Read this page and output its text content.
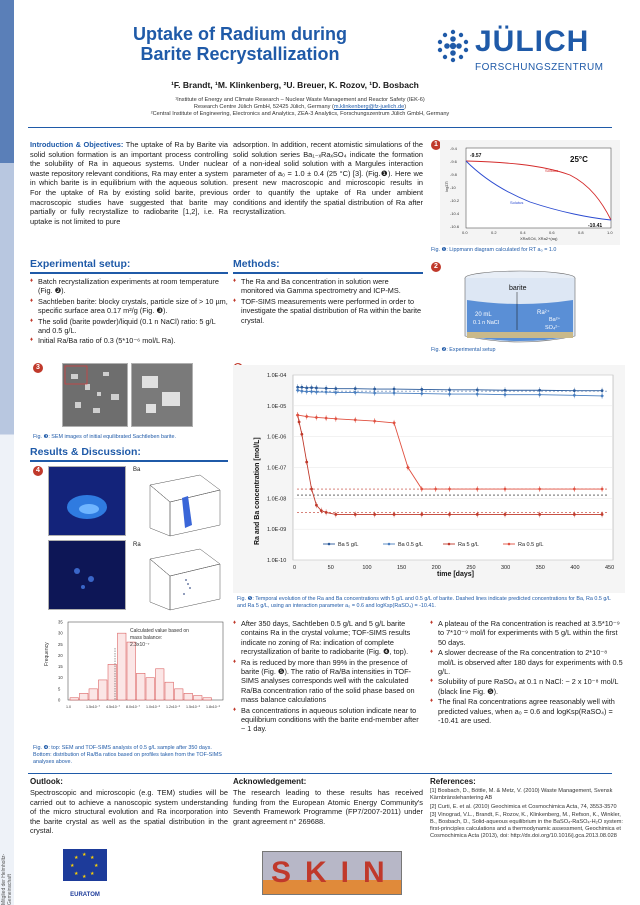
Mitglied der Helmholtz-Gemeinschaft
Uptake of Radium during
Barite Recrystallization	JÜLICH
FORSCHUNGSZENTRUM
¹F. Brandt, ¹M. Klinkenberg, ²U. Breuer, K. Rozov, ¹D. Bosbach
¹Institute of Energy and Climate Research – Nuclear Waste Management and Reactor Safety (IEK-6)
Research Centre Jülich GmbH, 52425 Jülich, Germany (m.klinkenberg@fz-juelich.de)
²Central Institute of Engineering, Electronics and Analytics, ZEA-3 Analytics, Forschungszentrum Jülich GmbH, Germany
Introduction & Objectives: The uptake of Ra by Barite via solid solution formation is an important process controlling the solubility of Ra in aqueous systems. Under nuclear waste repository relevant conditions, Ra may enter a system in which barite is in equilibrium with the aqueous solution. For the uptake of Ra by existing solid barite, previous macroscopic studies have suggested that barite may partially or fully recrystallize to radiobarite [1,2], i.e. Ra uptake is not limited to pure
adsorption. In addition, recent atomistic simulations of the solid solution series Ba₁₋ₓRaₓSO₄ indicate the formation of a non-ideal solid solution with a Margules interaction parameter of a₀ = 1.0 ± 0.4 (25 °C) [3]. (Fig.❶). Here we present new macroscopic and microscopic results in order to quantify the uptake of Ra under ambient conditions and identify the spatial distribution of Ra after recrystallization.
1
-9.4
-9.6
-9.8
-10
-10.2
-10.4
-10.6
0.0	0.2	0.4	0.6	0.8	1.0
-9.57
-10.41
25°C
Solidus
Solutus
logΣΠ
XRaSO4, XRa2+(aq)
Fig. ❶: Lippmann diagram calculated for RT a₀ = 1.0
Experimental setup:
♦ Batch recrystallization experiments at room temperature (Fig. ❷).
♦ Sachtleben barite: blocky crystals, particle size of > 10 µm, specific surface area 0.17 m²/g (Fig. ❸).
♦ The solid (barite powder)/liquid (0.1 n NaCl) ratio: 5 g/L and 0.5 g/L.
♦ Initial Ra/Ba ratio of 0.3 (5*10⁻⁶ mol/L Ra).
Methods:
♦ The Ra and Ba concentration in solution were monitored via Gamma spectrometry and ICP-MS.
♦ TOF-SIMS measurements were performed in order to investigate the spatial distribution of Ra within the barite crystal.
2
barite
20 mL
0.1 n NaCl
Ra²⁺
Ba²⁺
SO₄²⁻
Fig. ❷: Experimental setup
3
Fig. ❸: SEM images of initial equilibrated Sachtleben barite.
Results & Discussion:
4	Ba
Ra
0
5
10
15
20
25
30
35
1.0	1.5x10⁻⁷ 4.5x10⁻⁷ 8.0x10⁻⁷ 1.0x10⁻⁶ 1.2x10⁻⁶ 1.5x10⁻⁶ 1.8x10⁻⁶
Frequency
Calculated value based on
mass balance:
2.3x10⁻⁷
Fig. ❹: top: SEM and TOF-SIMS analysis of 0.5 g/L sample after 350 days. Bottom: distribution of Ra/Ba ratios based on profiles taken from the TOF-SIMS analyses above.
1.0E-04
1.0E-05
1.0E-06
1.0E-07
1.0E-08
1.0E-09
1.0E-10
0	50	100	150	200	250	300	350	400	450
Ba 5 g/L	Ba 0.5 g/L	Ra 5 g/L	Ra 0.5 g/L
time [days]
Ra and Ba concentration [mol/L]
Fig. ❺: Temporal evolution of the Ra and Ba concentrations with 5 g/L and 0.5 g/L of barite. Dashed lines indicate predicted concentrations for Ba, Ra 0.5 g/L and Ra 5 g/L, using an interaction parameter a₀ = 0.6 and logKsp(RaSO₄) = -10.41.
♦ After 350 days, Sachtleben 0.5 g/L and 5 g/L barite contains Ra in the crystal volume; TOF-SIMS results indicate no zoning of Ra: indication of complete recrystallization of barite to radiobarite (Fig. ❹, top).
♦ Ra is reduced by more than 99% in the presence of barite (Fig. ❺). The ratio of Ra/Ba intensities in TOF-SIMS analyses corresponds well with the calculated Ra/Ba concentration ratio of the solid phase based on mass balance calculations
♦ Ba concentrations in aqueous solution indicate near to equilibrium conditions with the barite end-member after ~ 1 day.
♦ A plateau of the Ra concentration is reached at 3.5*10⁻⁹ to 7*10⁻⁹ mol/l for experiments with 5 g/L within the first 50 days.
♦ A slower decrease of the Ra concentration to 2*10⁻⁸ mol/L is observed after 180 days for experiments with 0.5 g/L.
♦ Solubility of pure RaSO₄ at 0.1 n NaCl: ~ 2 x 10⁻⁸ mol/L (black line Fig. ❺).
♦ The final Ra concentrations agree reasonably well with predicted values, when a₀ = 0.6 and logKsp(RaSO₄) = -10.41 are used.
Outlook:
Spectroscopic and microscopic (e.g. TEM) studies will be carried out to achieve a nanoscopic system understanding of the micro structural evolution and Ra incorporation into the barite crystal as well as the spatial distribution in the crystal.
Acknowledgement:
The research leading to these results has received funding from the European Atomic Energy Community's Seventh Framework Programme (FP7/2007-2011) under grant agreement n° 269688.
References:
[1] Bosbach, D., Böttle, M. & Metz, V. (2010) Waste Management, Svensk Kärnbränslehantering AB
[2] Curti, E. et al. (2010) Geochimica et Cosmochimica Acta, 74, 3553-3570
[3] Vinograd, V.L., Brandt, F., Rozov, K., Klinkenberg, M., Refson, K., Winkler, B., Bosbach, D., Solid-aqueous equilibrium in the BaSO₄-RaSO₄-H₂O system: first-principles calculations and a thermodynamic assessment, Geochimica et Cosmochimica Acta (2013), doi: http://dx.doi.org/10.1016/j.gca.2013.08.028
★ ★
★
★
★
★
★
★
EURATOM
SKIN
